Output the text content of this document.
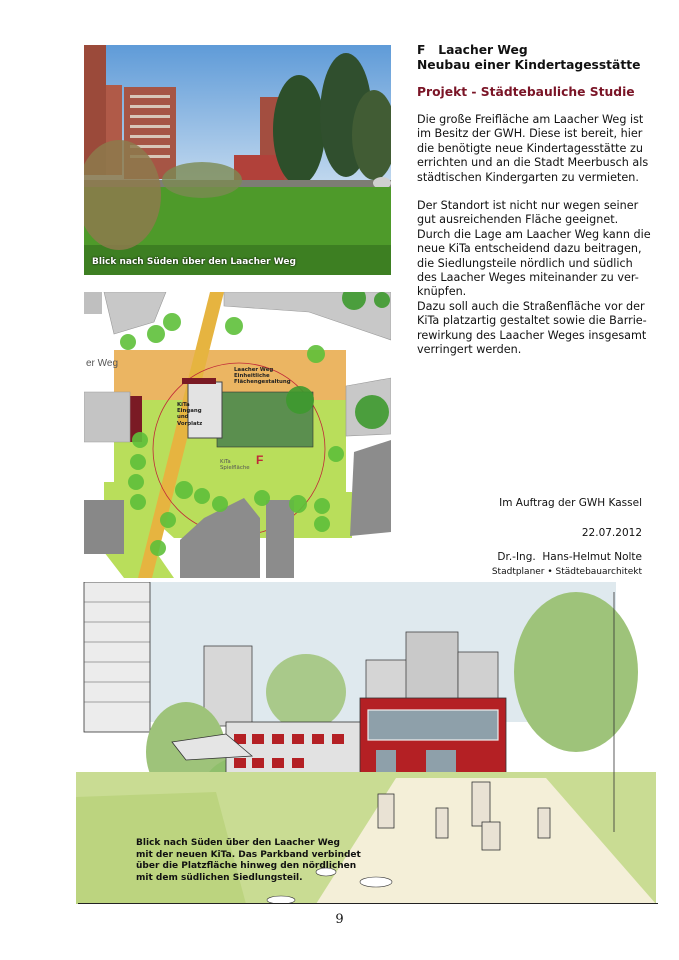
Blick nach Süden über den Laacher Weg
er Weg
F
Laacher Weg
Einheitliche
Flächengestaltung
KiTa
Eingang
und
Vorplatz
KiTa
Spielfläche
F   Laacher Weg
Neubau einer Kindertagesstätte
Projekt - Städtebauliche Studie

Die große Freifläche am Laacher Weg ist

im Besitz der GWH. Diese ist bereit, hier

die benötigte neue Kindertagesstätte zu

errichten und an die Stadt Meerbusch als

städtischen Kindergarten zu vermieten.

Der Standort ist nicht nur wegen seiner

gut ausreichenden Fläche geeignet.

Durch die Lage am Laacher Weg kann die

neue KiTa entscheidend dazu beitragen,

die Siedlungsteile nördlich und südlich

des Laacher Weges miteinander zu ver-

knüpfen.

Dazu soll auch die Straßenfläche vor der

KiTa platzartig gestaltet sowie die Barrie-

rewirkung des Laacher Weges insgesamt

verringert werden.

Im Auftrag der GWH Kassel
22.07.2012
Dr.-Ing.  Hans-Helmut Nolte
Stadtplaner • Städtebauarchitekt
Blick nach Süden über den Laacher Weg
mit der neuen KiTa. Das Parkband verbindet
über die Platzfläche hinweg den nördlichen
mit dem südlichen Siedlungsteil.
9
